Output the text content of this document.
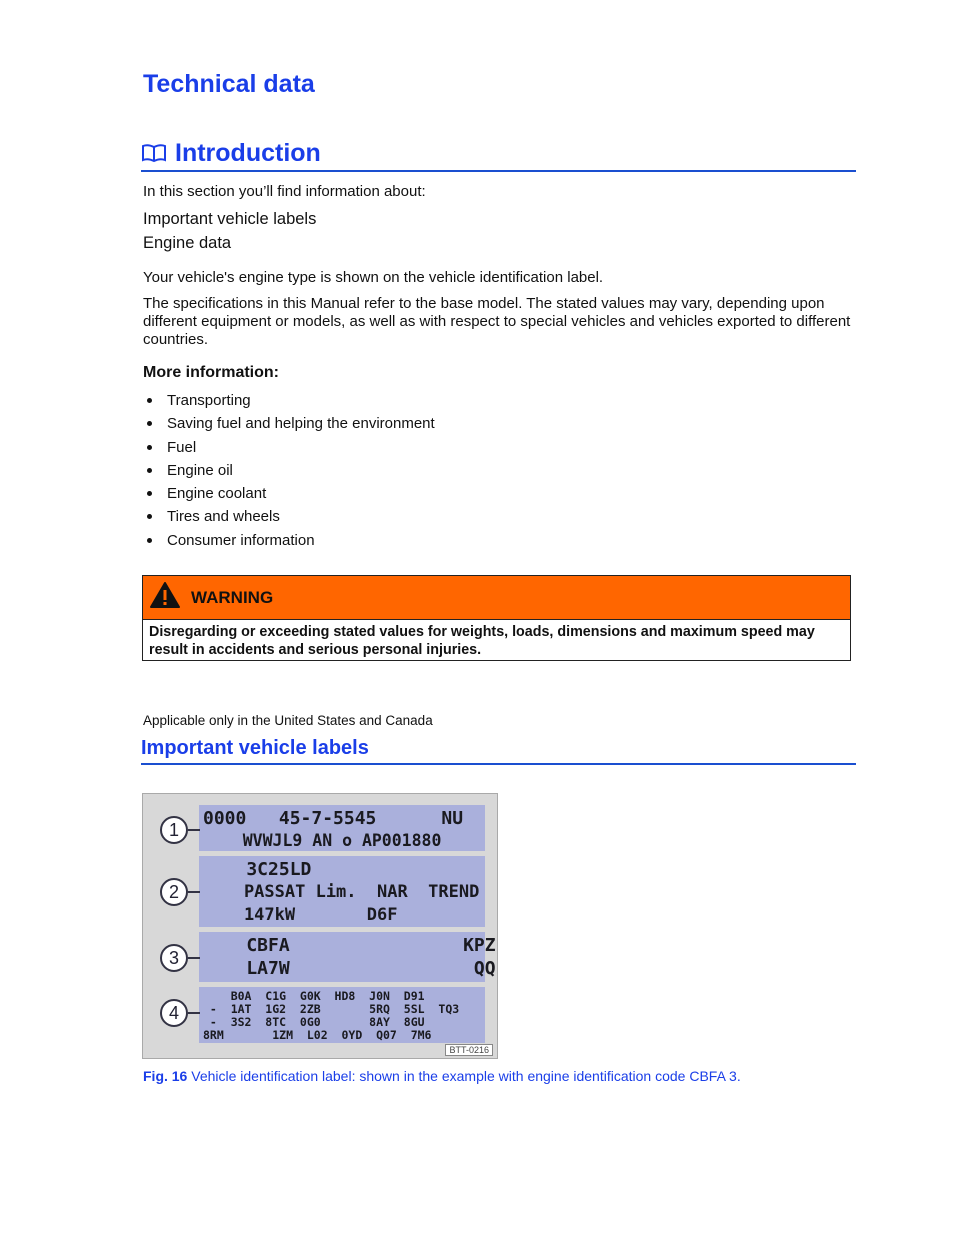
Technical data
Introduction

In this section you’ll find information about:

Important vehicle labels

Engine data

Your vehicle's engine type is shown on the vehicle identification label.

The specifications in this Manual refer to the base model. The stated values may vary, depending upon different equipment or models, as well as with respect to special vehicles and vehicles exported to different countries.

More information:

Transporting
Saving fuel and helping the environment
Fuel
Engine oil
Engine coolant
Tires and wheels
Consumer information
WARNING
Disregarding or exceeding stated values for weights, loads, dimensions and maximum speed may result in accidents and serious personal injuries.

Applicable only in the United States and Canada

Important vehicle labels
0000   45-7-5545      NU
WVWJL9 AN o AP001880
3C25LD
PASSAT Lim.  NAR  TREND
147kW       D6F
CBFA                KPZ
LA7W                 QQ
B0A  C1G  G0K  HD8  J0N  D91
-  1AT  1G2  2ZB       5RQ  5SL  TQ3
-  3S2  8TC  0G0       8AY  8GU
8RM       1ZM  L02  0YD  Q07  7M6
1
2
3
4
BTT-0216

Fig. 16 Vehicle identification label: shown in the example with engine identification code CBFA 3.
